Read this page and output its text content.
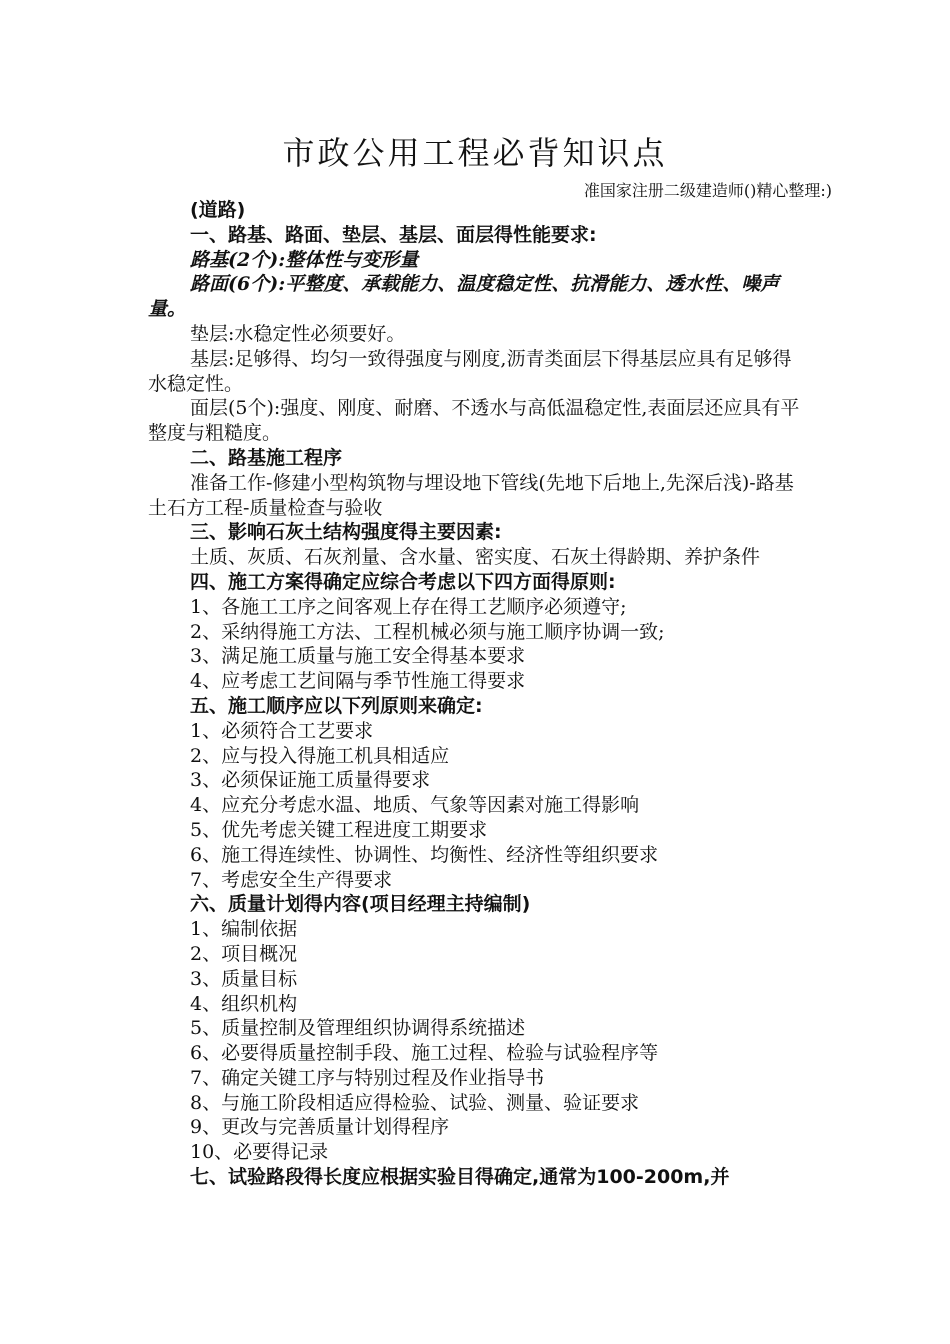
市政公用工程必背知识点
准国家注册二级建造师()精心整理:)

(道路)

一、路基、路面、垫层、基层、面层得性能要求:

路基(2个):整体性与变形量

路面(6个):平整度、承载能力、温度稳定性、抗滑能力、透水性、噪声量。

垫层:水稳定性必须要好。

基层:足够得、均匀一致得强度与刚度,沥青类面层下得基层应具有足够得水稳定性。

面层(5个):强度、刚度、耐磨、不透水与高低温稳定性,表面层还应具有平整度与粗糙度。

二、路基施工程序

准备工作-修建小型构筑物与埋设地下管线(先地下后地上,先深后浅)-路基土石方工程-质量检查与验收

三、影响石灰土结构强度得主要因素:

土质、灰质、石灰剂量、含水量、密实度、石灰土得龄期、养护条件

四、施工方案得确定应综合考虑以下四方面得原则:

1、各施工工序之间客观上存在得工艺顺序必须遵守;

2、采纳得施工方法、工程机械必须与施工顺序协调一致;

3、满足施工质量与施工安全得基本要求

4、应考虑工艺间隔与季节性施工得要求

五、施工顺序应以下列原则来确定:

1、必须符合工艺要求

2、应与投入得施工机具相适应

3、必须保证施工质量得要求

4、应充分考虑水温、地质、气象等因素对施工得影响

5、优先考虑关键工程进度工期要求

6、施工得连续性、协调性、均衡性、经济性等组织要求

7、考虑安全生产得要求

六、质量计划得内容(项目经理主持编制)

1、编制依据

2、项目概况

3、质量目标

4、组织机构

5、质量控制及管理组织协调得系统描述

6、必要得质量控制手段、施工过程、检验与试验程序等

7、确定关键工序与特别过程及作业指导书

8、与施工阶段相适应得检验、试验、测量、验证要求

9、更改与完善质量计划得程序

10、必要得记录

七、试验路段得长度应根据实验目得确定,通常为100-200m,并
